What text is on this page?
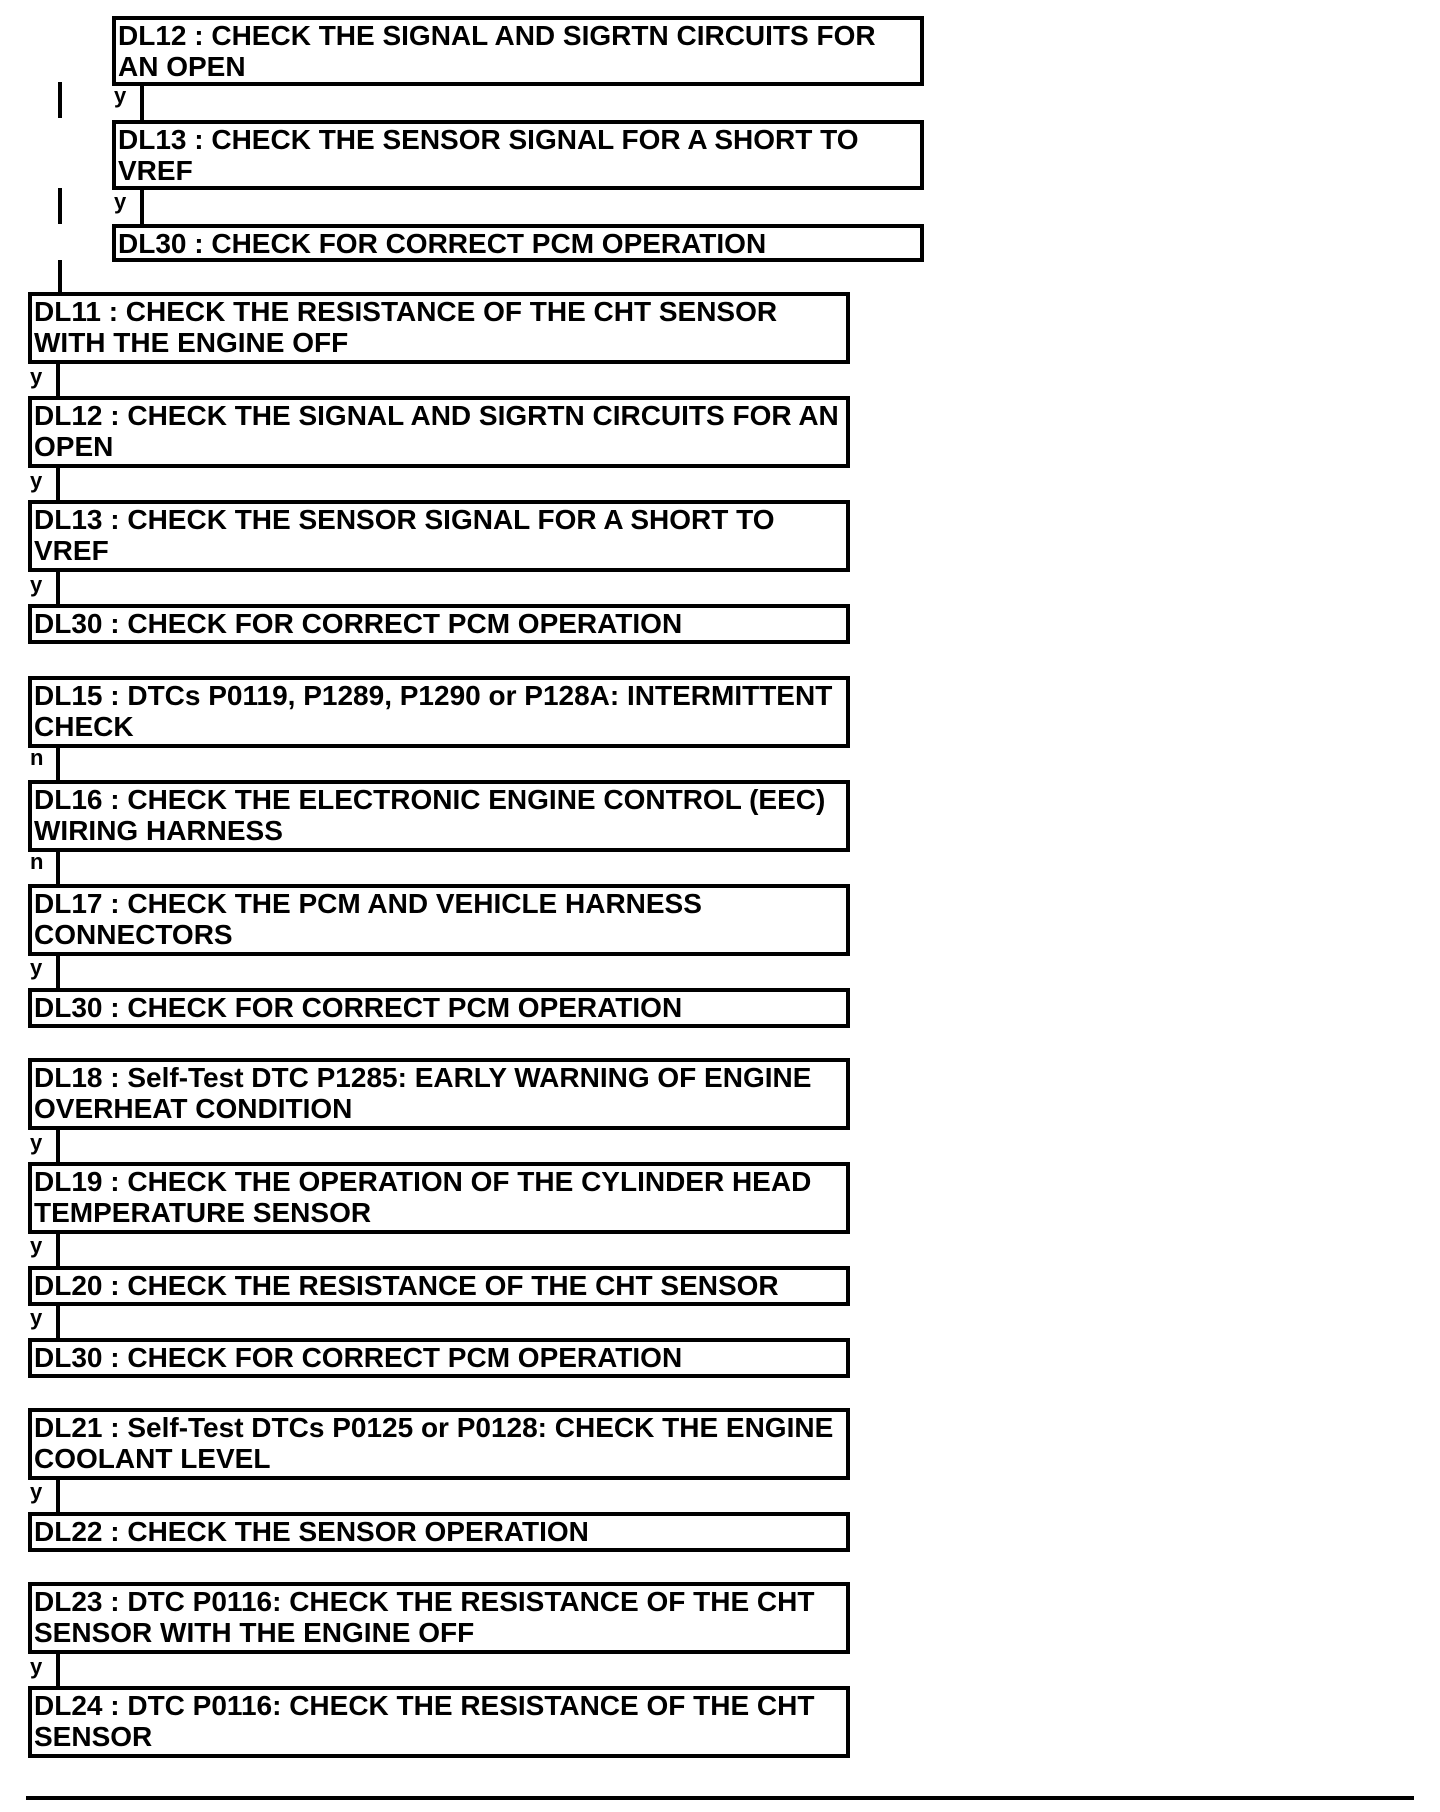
DL12 : CHECK THE SIGNAL AND SIGRTN CIRCUITS FOR AN OPEN
y
DL13 : CHECK THE SENSOR SIGNAL FOR A SHORT TO VREF
y
DL30 : CHECK FOR CORRECT PCM OPERATION
DL11 : CHECK THE RESISTANCE OF THE CHT SENSOR WITH THE ENGINE OFF
y
DL12 : CHECK THE SIGNAL AND SIGRTN CIRCUITS FOR AN OPEN
y
DL13 : CHECK THE SENSOR SIGNAL FOR A SHORT TO VREF
y
DL30 : CHECK FOR CORRECT PCM OPERATION
DL15 : DTCs P0119, P1289, P1290 or P128A: INTERMITTENT CHECK
n
DL16 : CHECK THE ELECTRONIC ENGINE CONTROL (EEC) WIRING HARNESS
n
DL17 : CHECK THE PCM AND VEHICLE HARNESS CONNECTORS
y
DL30 : CHECK FOR CORRECT PCM OPERATION
DL18 : Self-Test DTC P1285: EARLY WARNING OF ENGINE OVERHEAT CONDITION
y
DL19 : CHECK THE OPERATION OF THE CYLINDER HEAD TEMPERATURE SENSOR
y
DL20 : CHECK THE RESISTANCE OF THE CHT SENSOR
y
DL30 : CHECK FOR CORRECT PCM OPERATION
DL21 : Self-Test DTCs P0125 or P0128: CHECK THE ENGINE COOLANT LEVEL
y
DL22 : CHECK THE SENSOR OPERATION
DL23 : DTC P0116: CHECK THE RESISTANCE OF THE CHT SENSOR WITH THE ENGINE OFF
y
DL24 : DTC P0116: CHECK THE RESISTANCE OF THE CHT SENSOR
